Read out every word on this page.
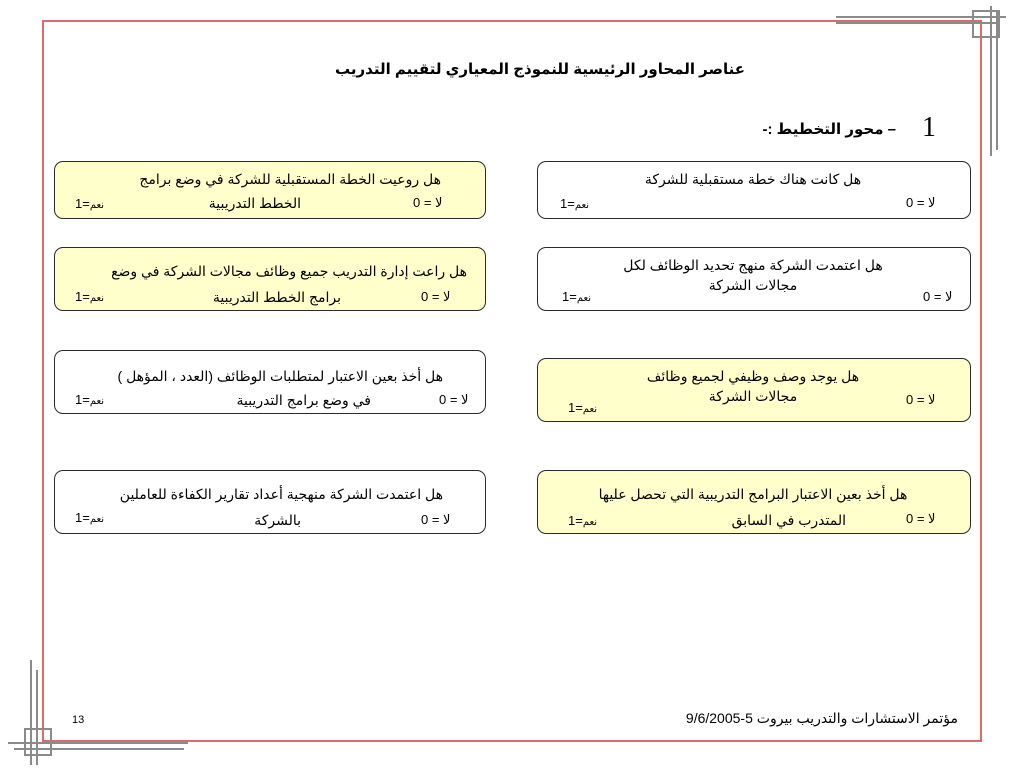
عناصر المحاور الرئيسية للنموذج المعياري لتقييم التدريب
– محور التخطيط :- 1
هل كانت هناك خطة مستقبلية للشركة
لا = 0
1=نعم
هل اعتمدت الشركة منهج تحديد الوظائف لكل
مجالات الشركة
لا = 0
1=نعم
هل يوجد وصف وظيفي لجميع وظائف
مجالات الشركة	لا = 0
1=نعم
هل أخذ بعين الاعتبار البرامج التدريبية التي تحصل عليها
المتدرب في السابق	لا = 0
1=نعم
هل روعيت الخطة المستقبلية للشركة في وضع برامج
الخطط التدريبية	لا = 0
1=نعم
هل راعت إدارة التدريب جميع وظائف مجالات الشركة في وضع
برامج الخطط التدريبية	لا = 0
1=نعم
هل أخذ بعين الاعتبار لمتطلبات الوظائف (العدد ، المؤهل )
في وضع برامج التدريبية	لا = 0
1=نعم
هل اعتمدت الشركة منهجية أعداد تقارير الكفاءة للعاملين
بالشركة	لا = 0
1=نعم
مؤتمر الاستشارات والتدريب بيروت 5-9/6/2005
13
